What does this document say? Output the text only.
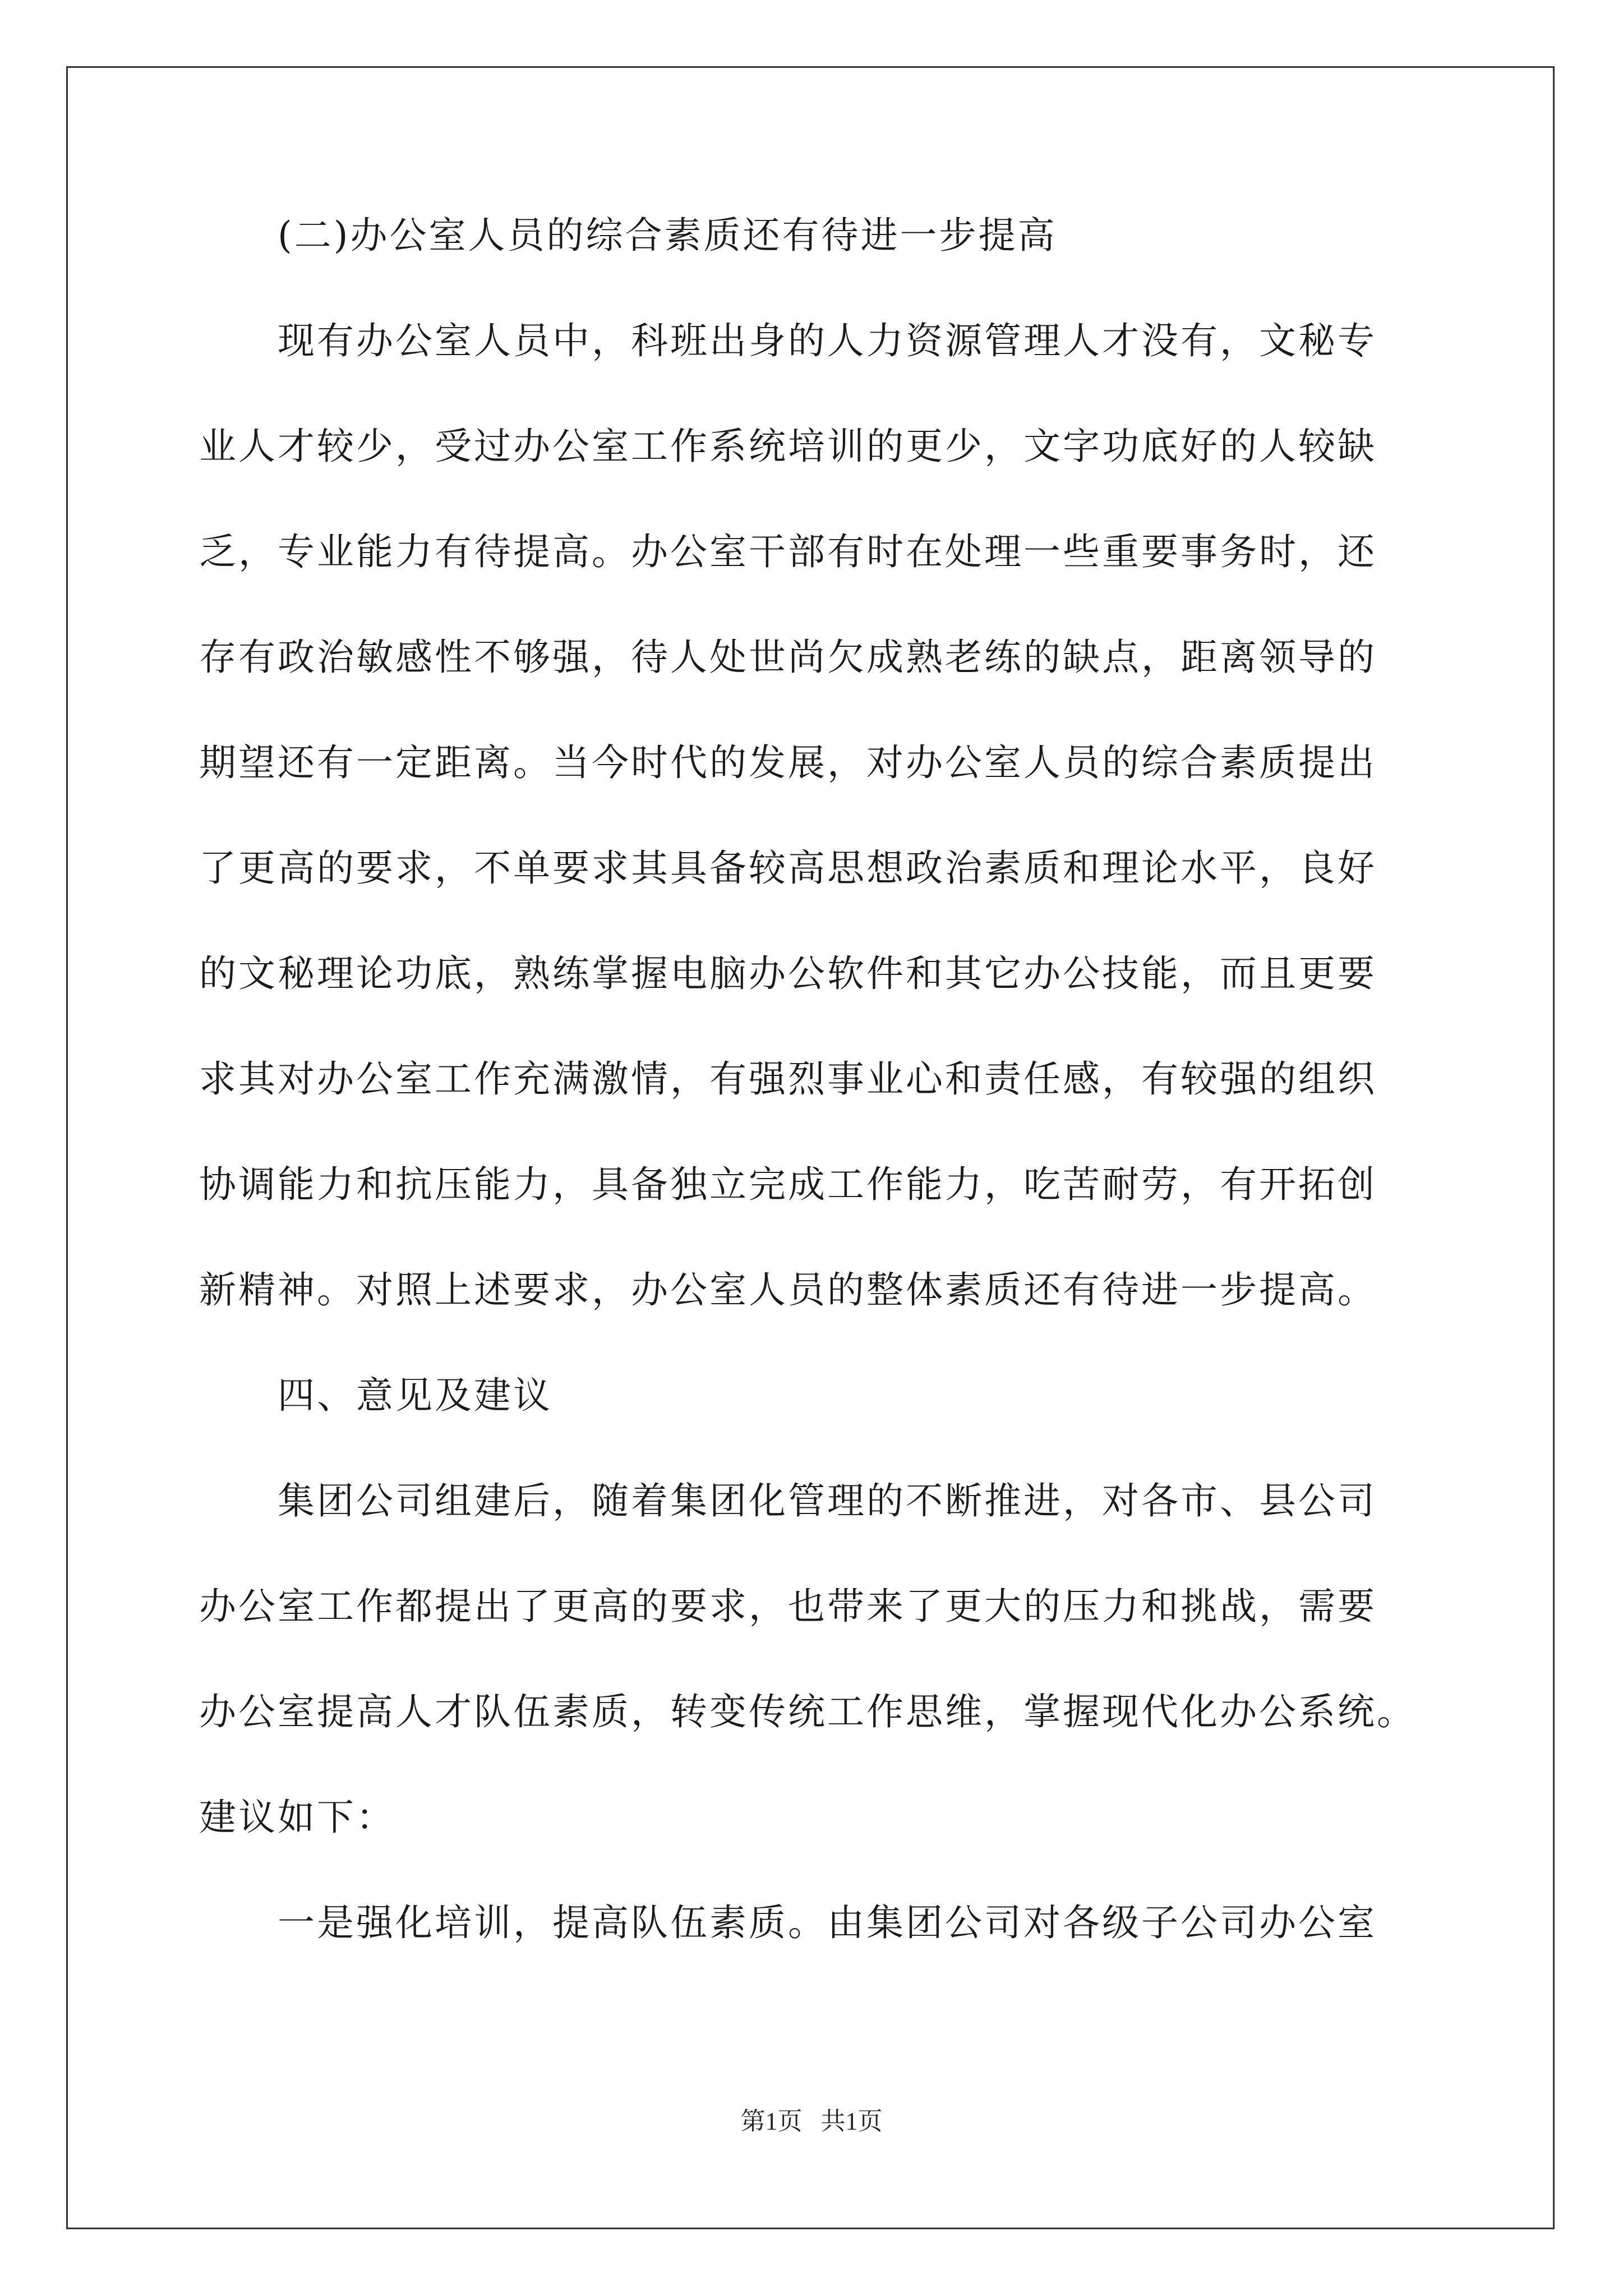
(二)办公室人员的综合素质还有待进一步提高
现有办公室人员中，科班出身的人力资源管理人才没有，文秘专
业人才较少，受过办公室工作系统培训的更少，文字功底好的人较缺
乏，专业能力有待提高。办公室干部有时在处理一些重要事务时，还
存有政治敏感性不够强，待人处世尚欠成熟老练的缺点，距离领导的
期望还有一定距离。当今时代的发展，对办公室人员的综合素质提出
了更高的要求，不单要求其具备较高思想政治素质和理论水平，良好
的文秘理论功底，熟练掌握电脑办公软件和其它办公技能，而且更要
求其对办公室工作充满激情，有强烈事业心和责任感，有较强的组织
协调能力和抗压能力，具备独立完成工作能力，吃苦耐劳，有开拓创
新精神。对照上述要求，办公室人员的整体素质还有待进一步提高。
四、意见及建议
集团公司组建后，随着集团化管理的不断推进，对各市、县公司
办公室工作都提出了更高的要求，也带来了更大的压力和挑战，需要
办公室提高人才队伍素质，转变传统工作思维，掌握现代化办公系统。
建议如下：
一是强化培训，提高队伍素质。由集团公司对各级子公司办公室
第1页   共1页
